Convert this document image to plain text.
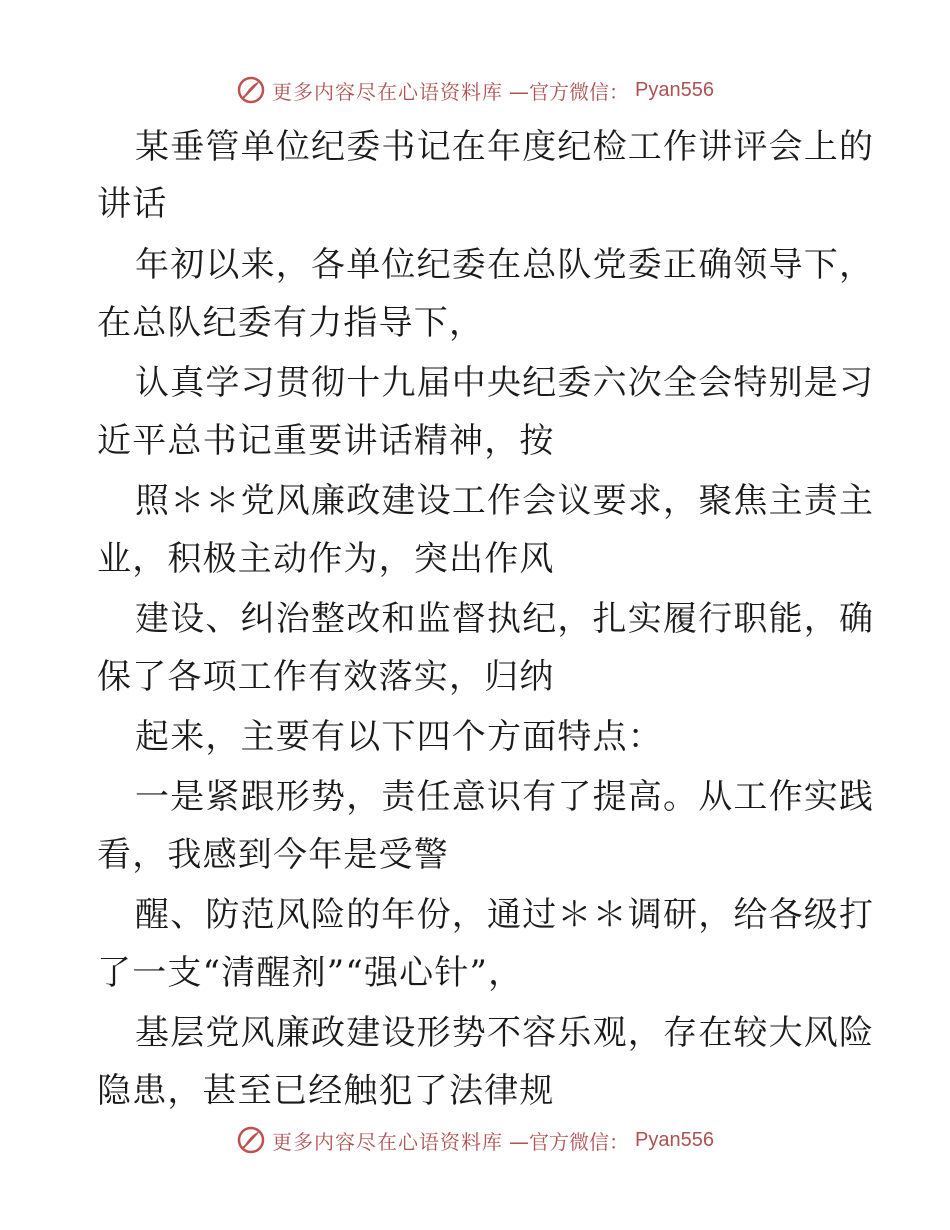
更多内容尽在心语资料库 —官方微信： Pyan556
某垂管单位纪委书记在年度纪检工作讲评会上的
讲话
年初以来，各单位纪委在总队党委正确领导下，
在总队纪委有力指导下，
认真学习贯彻十九届中央纪委六次全会特别是习
近平总书记重要讲话精神，按
照＊＊党风廉政建设工作会议要求，聚焦主责主
业，积极主动作为，突出作风
建设、纠治整改和监督执纪，扎实履行职能，确
保了各项工作有效落实，归纳
起来，主要有以下四个方面特点：
一是紧跟形势，责任意识有了提高。从工作实践
看，我感到今年是受警
醒、防范风险的年份，通过＊＊调研，给各级打
了一支“清醒剂”“强心针”，
基层党风廉政建设形势不容乐观，存在较大风险
隐患，甚至已经触犯了法律规
更多内容尽在心语资料库 —官方微信： Pyan556
